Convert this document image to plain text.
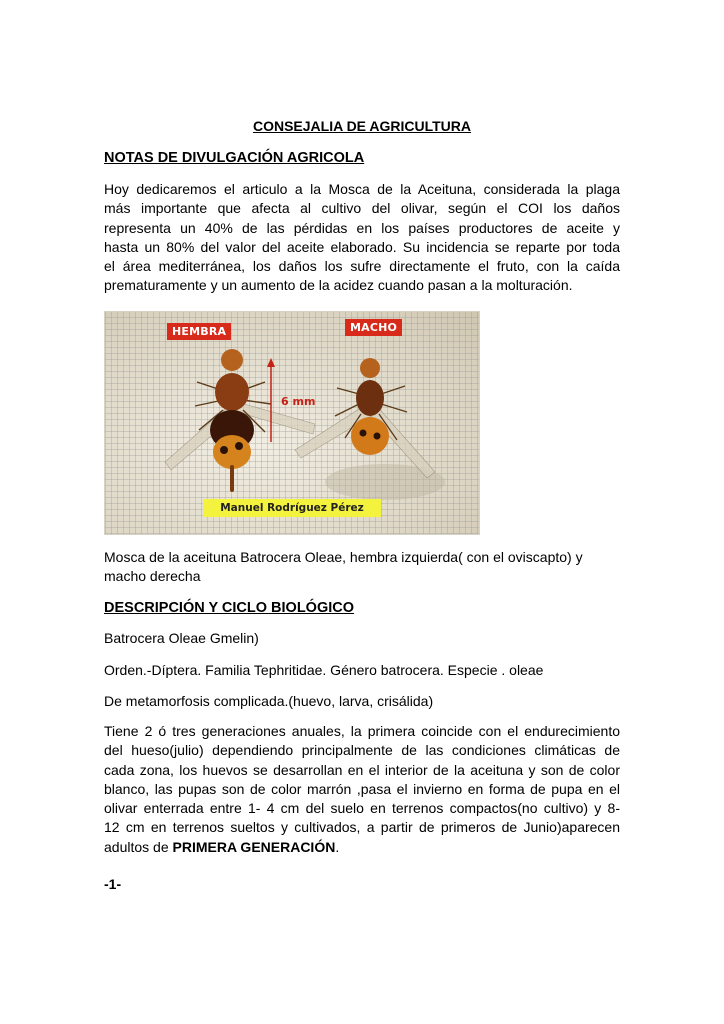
CONSEJALIA DE AGRICULTURA
NOTAS DE DIVULGACIÓN AGRICOLA
Hoy dedicaremos el articulo a la Mosca de la Aceituna, considerada la plaga
más importante que afecta al cultivo del olivar, según el COI los daños
representa un 40% de las pérdidas en los países productores de aceite y
hasta un 80% del valor del aceite elaborado. Su incidencia se reparte por toda
el área mediterránea, los daños los sufre directamente el fruto, con la caída
prematuramente y un aumento de la acidez cuando pasan a la molturación.
HEMBRA	MACHO
6 mm
Manuel Rodríguez Pérez
Mosca de la aceituna Batrocera Oleae, hembra izquierda( con el oviscapto) y
macho derecha
DESCRIPCIÓN Y CICLO BIOLÓGICO
Batrocera Oleae Gmelin)
Orden.-Díptera. Familia Tephritidae. Género batrocera. Especie . oleae
De metamorfosis complicada.(huevo, larva, crisálida)
Tiene 2 ó tres generaciones anuales, la primera coincide con el endurecimiento
del hueso(julio) dependiendo principalmente de las condiciones climáticas de
cada zona, los huevos se desarrollan en el interior de la aceituna y son de color
blanco, las pupas son de color marrón ,pasa el invierno en forma de pupa en el
olivar enterrada entre 1- 4 cm del suelo en terrenos compactos(no cultivo) y 8-
12 cm en terrenos sueltos y cultivados, a partir de primeros de Junio)aparecen
adultos de PRIMERA GENERACIÓN.
-1-
